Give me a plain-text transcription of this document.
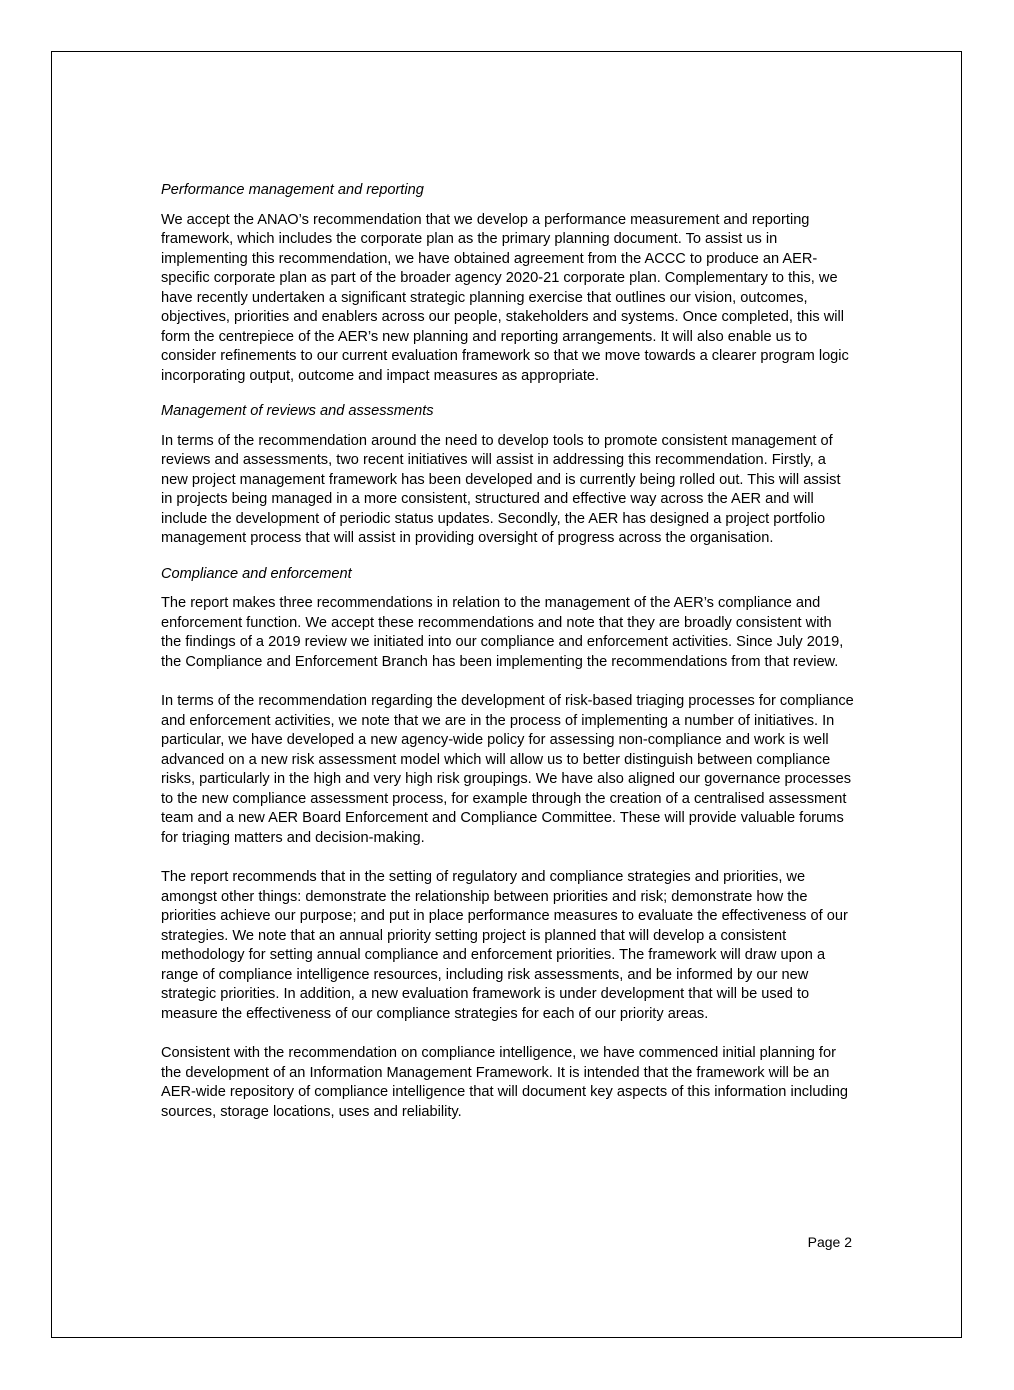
Performance management and reporting

We accept the ANAO’s recommendation that we develop a performance measurement and reporting framework, which includes the corporate plan as the primary planning document. To assist us in implementing this recommendation, we have obtained agreement from the ACCC to produce an AER-specific corporate plan as part of the broader agency 2020-21 corporate plan. Complementary to this, we have recently undertaken a significant strategic planning exercise that outlines our vision, outcomes, objectives, priorities and enablers across our people, stakeholders and systems. Once completed, this will form the centrepiece of the AER’s new planning and reporting arrangements. It will also enable us to consider refinements to our current evaluation framework so that we move towards a clearer program logic incorporating output, outcome and impact measures as appropriate.

Management of reviews and assessments

In terms of the recommendation around the need to develop tools to promote consistent management of reviews and assessments, two recent initiatives will assist in addressing this recommendation. Firstly, a new project management framework has been developed and is currently being rolled out. This will assist in projects being managed in a more consistent, structured and effective way across the AER and will include the development of periodic status updates. Secondly, the AER has designed a project portfolio management process that will assist in providing oversight of progress across the organisation.

Compliance and enforcement

The report makes three recommendations in relation to the management of the AER’s compliance and enforcement function. We accept these recommendations and note that they are broadly consistent with the findings of a 2019 review we initiated into our compliance and enforcement activities. Since July 2019, the Compliance and Enforcement Branch has been implementing the recommendations from that review.

In terms of the recommendation regarding the development of risk-based triaging processes for compliance and enforcement activities, we note that we are in the process of implementing a number of initiatives. In particular, we have developed a new agency-wide policy for assessing non-compliance and work is well advanced on a new risk assessment model which will allow us to better distinguish between compliance risks, particularly in the high and very high risk groupings. We have also aligned our governance processes to the new compliance assessment process, for example through the creation of a centralised assessment team and a new AER Board Enforcement and Compliance Committee. These will provide valuable forums for triaging matters and decision-making.

The report recommends that in the setting of regulatory and compliance strategies and priorities, we amongst other things: demonstrate the relationship between priorities and risk; demonstrate how the priorities achieve our purpose; and put in place performance measures to evaluate the effectiveness of our strategies. We note that an annual priority setting project is planned that will develop a consistent methodology for setting annual compliance and enforcement priorities. The framework will draw upon a range of compliance intelligence resources, including risk assessments, and be informed by our new strategic priorities. In addition, a new evaluation framework is under development that will be used to measure the effectiveness of our compliance strategies for each of our priority areas.

Consistent with the recommendation on compliance intelligence, we have commenced initial planning for the development of an Information Management Framework. It is intended that the framework will be an AER-wide repository of compliance intelligence that will document key aspects of this information including sources, storage locations, uses and reliability.

Page 2
